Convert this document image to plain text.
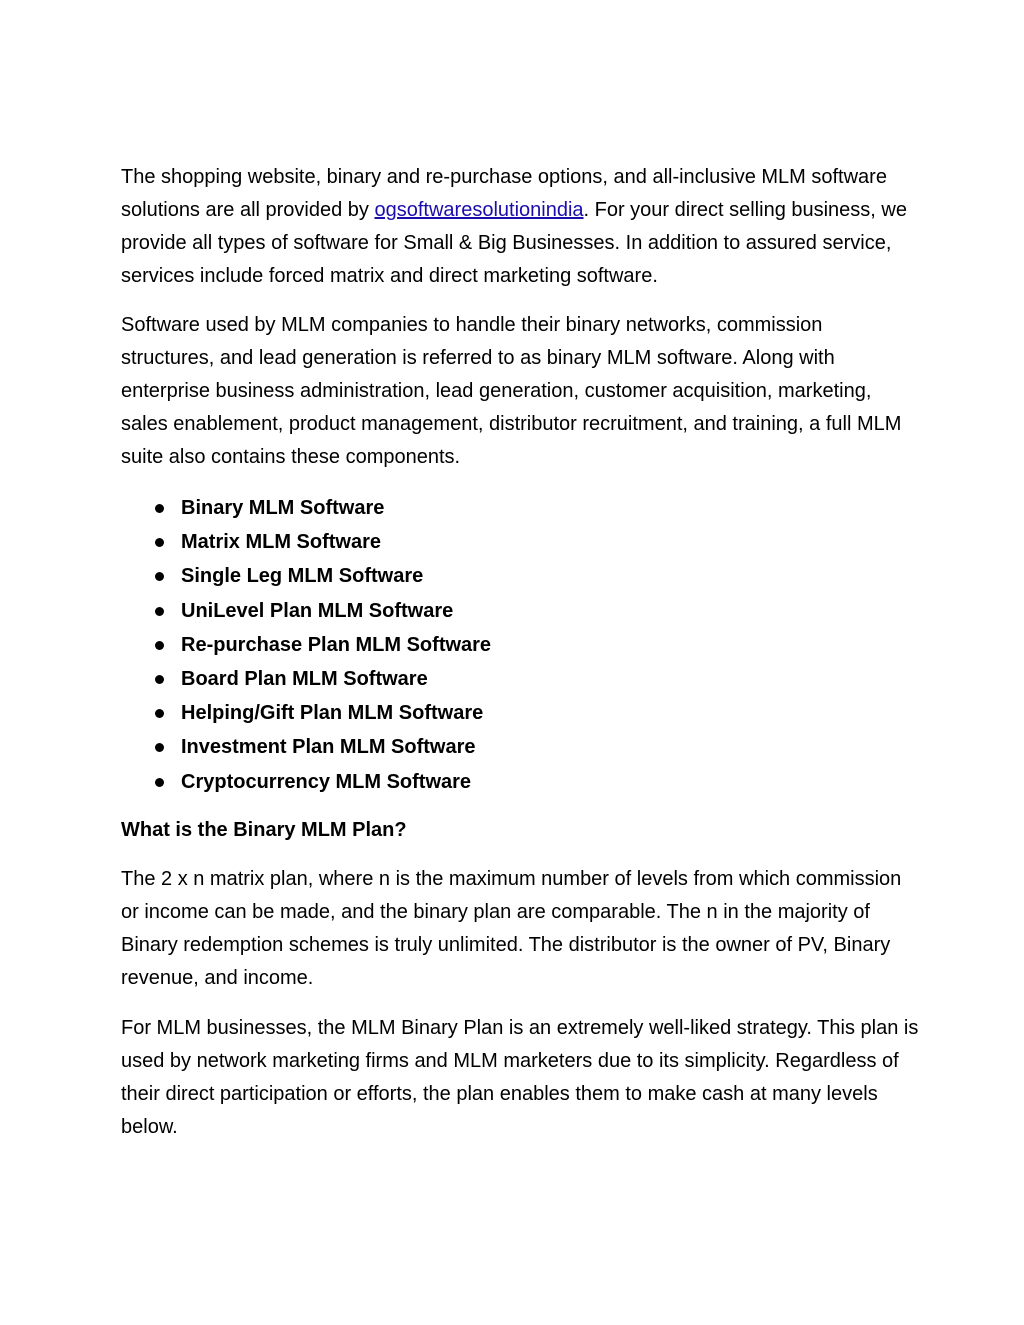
The shopping website, binary and re-purchase options, and all-inclusive MLM software solutions are all provided by ogsoftwaresolutionindia. For your direct selling business, we provide all types of software for Small & Big Businesses. In addition to assured service, services include forced matrix and direct marketing software.

Software used by MLM companies to handle their binary networks, commission structures, and lead generation is referred to as binary MLM software. Along with enterprise business administration, lead generation, customer acquisition, marketing, sales enablement, product management, distributor recruitment, and training, a full MLM suite also contains these components.

Binary MLM Software
Matrix MLM Software
Single Leg MLM Software
UniLevel Plan MLM Software
Re-purchase Plan MLM Software
Board Plan MLM Software
Helping/Gift Plan MLM Software
Investment Plan MLM Software
Cryptocurrency MLM Software
What is the Binary MLM Plan?

The 2 x n matrix plan, where n is the maximum number of levels from which commission or income can be made, and the binary plan are comparable. The n in the majority of Binary redemption schemes is truly unlimited. The distributor is the owner of PV, Binary revenue, and income.

For MLM businesses, the MLM Binary Plan is an extremely well-liked strategy. This plan is used by network marketing firms and MLM marketers due to its simplicity. Regardless of their direct participation or efforts, the plan enables them to make cash at many levels below.
